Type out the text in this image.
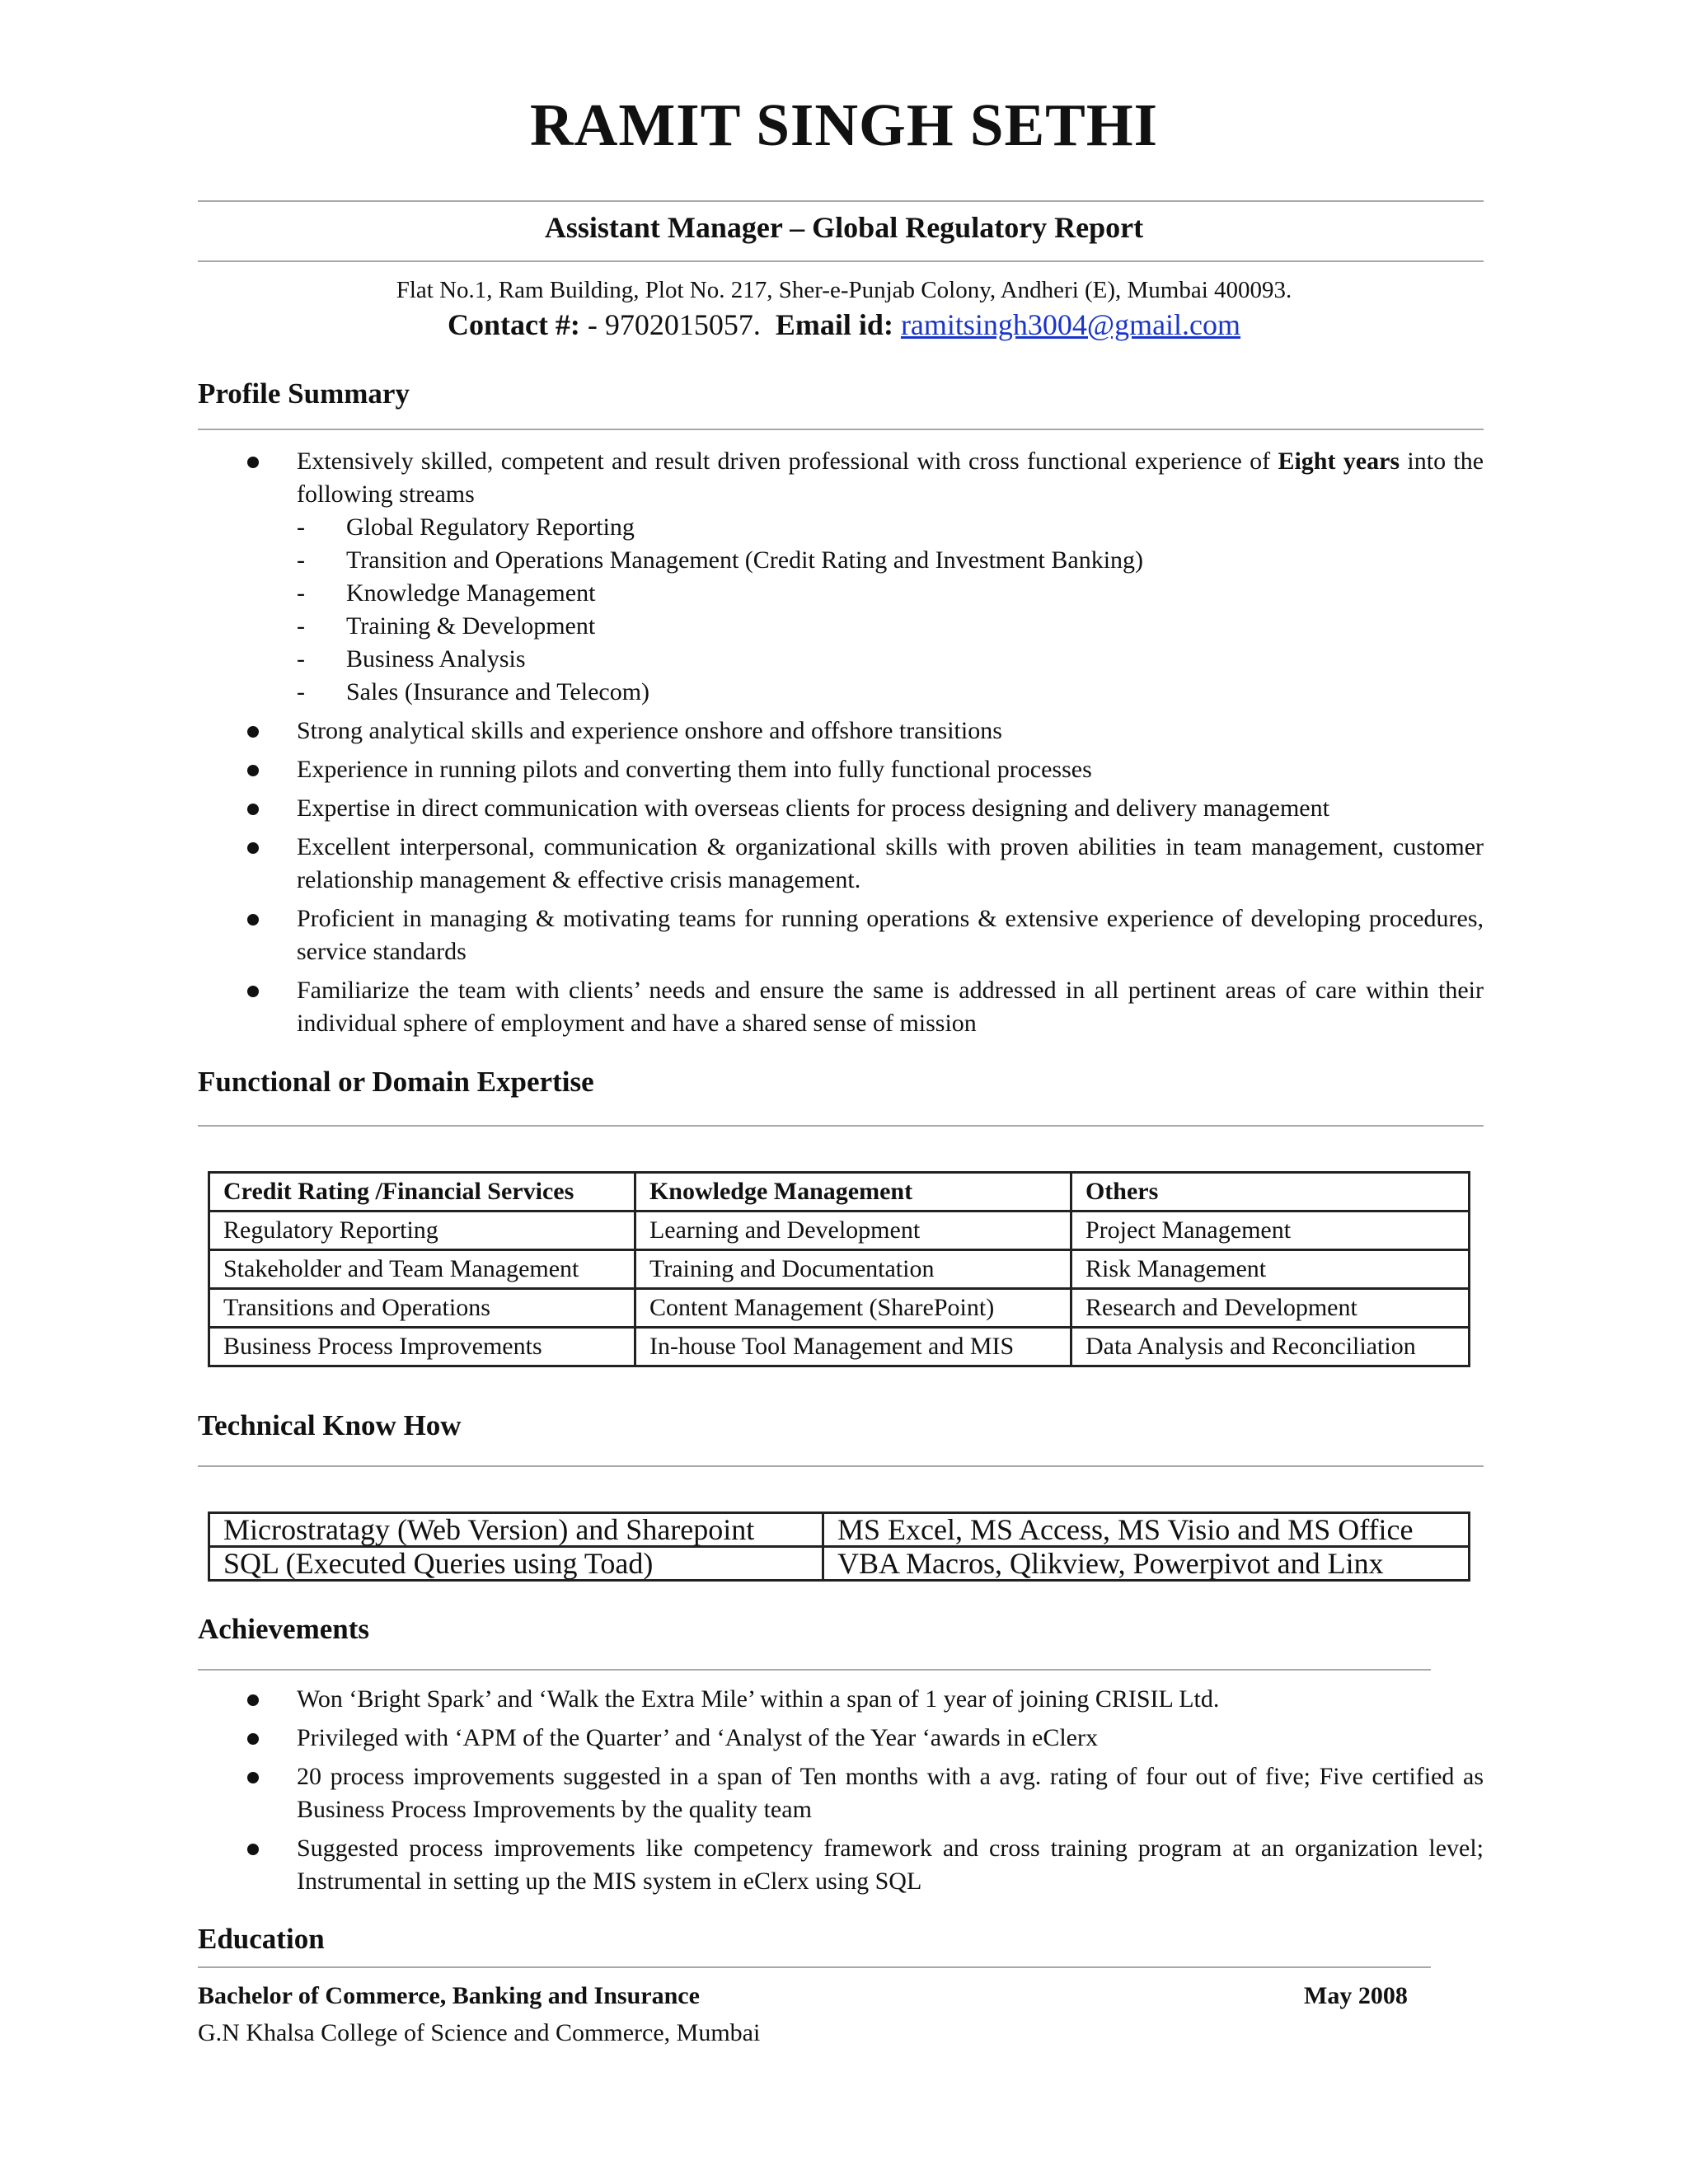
RAMIT SINGH SETHI
Assistant Manager – Global Regulatory Report
Flat No.1, Ram Building, Plot No. 217, Sher-e-Punjab Colony, Andheri (E), Mumbai 400093.
Contact #: - 9702015057. Email id: ramitsingh3004@gmail.com
Profile Summary
Extensively skilled, competent and result driven professional with cross functional experience of Eight years into the following streams
- Global Regulatory Reporting
- Transition and Operations Management (Credit Rating and Investment Banking)
- Knowledge Management
- Training & Development
- Business Analysis
- Sales (Insurance and Telecom)
Strong analytical skills and experience onshore and offshore transitions
Experience in running pilots and converting them into fully functional processes
Expertise in direct communication with overseas clients for process designing and delivery management
Excellent interpersonal, communication & organizational skills with proven abilities in team management, customer relationship management & effective crisis management.
Proficient in managing & motivating teams for running operations & extensive experience of developing procedures, service standards
Familiarize the team with clients’ needs and ensure the same is addressed in all pertinent areas of care within their individual sphere of employment and have a shared sense of mission
Functional or Domain Expertise
Credit Rating /Financial Services	Knowledge Management	Others
Regulatory Reporting	Learning and Development	Project Management
Stakeholder and Team Management	Training and Documentation	Risk Management
Transitions and Operations	Content Management (SharePoint)	Research and Development
Business Process Improvements	In-house Tool Management and MIS	Data Analysis and Reconciliation
Technical Know How
Microstratagy (Web Version) and Sharepoint	MS Excel, MS Access, MS Visio and MS Office
SQL (Executed Queries using Toad)	VBA Macros, Qlikview, Powerpivot and Linx
Achievements
Won ‘Bright Spark’ and ‘Walk the Extra Mile’ within a span of 1 year of joining CRISIL Ltd.
Privileged with ‘APM of the Quarter’ and ‘Analyst of the Year ‘awards in eClerx
20 process improvements suggested in a span of Ten months with a avg. rating of four out of five; Five certified as Business Process Improvements by the quality team
Suggested process improvements like competency framework and cross training program at an organization level; Instrumental in setting up the MIS system in eClerx using SQL
Education
Bachelor of Commerce, Banking and Insurance	May 2008
G.N Khalsa College of Science and Commerce, Mumbai
